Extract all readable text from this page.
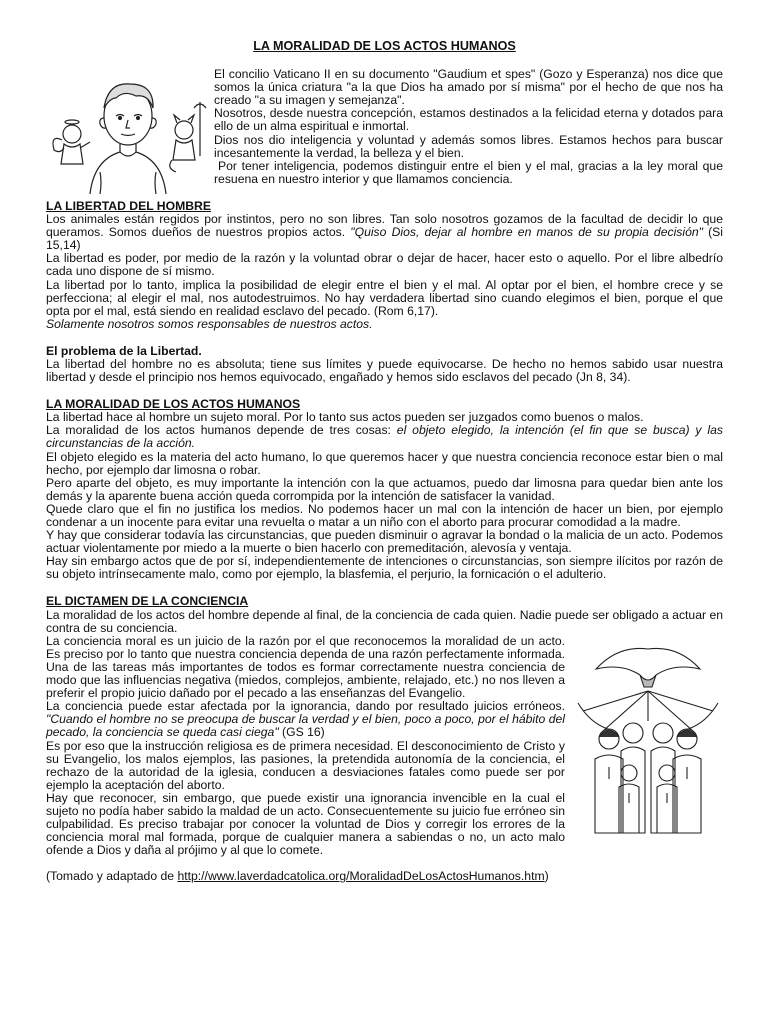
LA MORALIDAD DE LOS ACTOS HUMANOS

El concilio Vaticano II en su documento "Gaudium et spes" (Gozo y Esperanza) nos dice que somos la única criatura "a la que Dios ha amado por sí misma" por el hecho de que nos ha creado "a su imagen y semejanza".

Nosotros, desde nuestra concepción, estamos destinados a la felicidad eterna y dotados para ello de un alma espiritual e inmortal.

Dios nos dio inteligencia y voluntad y además somos libres. Estamos hechos para buscar incesantemente la verdad, la belleza y el bien.

Por tener inteligencia, podemos distinguir entre el bien y el mal, gracias a la ley moral que resuena en nuestro interior y que llamamos conciencia.

LA LIBERTAD DEL HOMBRE

Los animales están regidos por instintos, pero no son libres. Tan solo nosotros gozamos de la facultad de decidir lo que queramos. Somos dueños de nuestros propios actos. "Quiso Dios, dejar al hombre en manos de su propia decisión" (Si 15,14)

La libertad es poder, por medio de la razón y la voluntad obrar o dejar de hacer, hacer esto o aquello. Por el libre albedrío cada uno dispone de sí mismo.

La libertad por lo tanto, implica la posibilidad de elegir entre el bien y el mal. Al optar por el bien, el hombre crece y se perfecciona; al elegir el mal, nos autodestruimos. No hay verdadera libertad sino cuando elegimos el bien, porque el que opta por el mal, está siendo en realidad esclavo del pecado. (Rom 6,17).

Solamente nosotros somos responsables de nuestros actos.

El problema de la Libertad.

La libertad del hombre no es absoluta; tiene sus límites y puede equivocarse. De hecho no hemos sabido usar nuestra libertad y desde el principio nos hemos equivocado, engañado y hemos sido esclavos del pecado (Jn 8, 34).

LA MORALIDAD DE LOS ACTOS HUMANOS

La libertad hace al hombre un sujeto moral. Por lo tanto sus actos pueden ser juzgados como buenos o malos.

La moralidad de los actos humanos depende de tres cosas: el objeto elegido, la intención (el fin que se busca) y las circunstancias de la acción.

El objeto elegido es la materia del acto humano, lo que queremos hacer y que nuestra conciencia reconoce estar bien o mal hecho, por ejemplo dar limosna o robar.

Pero aparte del objeto, es muy importante la intención con la que actuamos, puedo dar limosna para quedar bien ante los demás y la aparente buena acción queda corrompida por la intención de satisfacer la vanidad.

Quede claro que el fin no justifica los medios. No podemos hacer un mal con la intención de hacer un bien, por ejemplo condenar a un inocente para evitar una revuelta o matar a un niño con el aborto para procurar comodidad a la madre.

Y hay que considerar todavía las circunstancias, que pueden disminuir o agravar la bondad o la malicia de un acto. Podemos actuar violentamente por miedo a la muerte o bien hacerlo con premeditación, alevosía y ventaja.

Hay sin embargo actos que de por sí, independientemente de intenciones o circunstancias, son siempre ilícitos por razón de su objeto intrínsecamente malo, como por ejemplo, la blasfemia, el perjurio, la fornicación o el adulterio.

EL DICTAMEN DE LA CONCIENCIA

La moralidad de los actos del hombre depende al final, de la conciencia de cada quien. Nadie puede ser obligado a actuar en contra de su conciencia.

La conciencia moral es un juicio de la razón por el que reconocemos la moralidad de un acto. Es preciso por lo tanto que nuestra conciencia dependa de una razón perfectamente informada. Una de las tareas más importantes de todos es formar correctamente nuestra conciencia de modo que las influencias negativa (miedos, complejos, ambiente, relajado, etc.) no nos lleven a preferir el propio juicio dañado por el pecado a las enseñanzas del Evangelio.

La conciencia puede estar afectada por la ignorancia, dando por resultado juicios erróneos. "Cuando el hombre no se preocupa de buscar la verdad y el bien, poco a poco, por el hábito del pecado, la conciencia se queda casi ciega" (GS 16)

Es por eso que la instrucción religiosa es de primera necesidad. El desconocimiento de Cristo y su Evangelio, los malos ejemplos, las pasiones, la pretendida autonomía de la conciencia, el rechazo de la autoridad de la iglesia, conducen a desviaciones fatales como puede ser por ejemplo la aceptación del aborto.

Hay que reconocer, sin embargo, que puede existir una ignorancia invencible en la cual el sujeto no podía haber sabido la maldad de un acto. Consecuentemente su juicio fue erróneo sin culpabilidad. Es preciso trabajar por conocer la voluntad de Dios y corregir los errores de la conciencia moral mal formada, porque de cualquier manera a sabiendas o no, un acto malo ofende a Dios y daña al prójimo y al que lo comete.

(Tomado y adaptado de http://www.laverdadcatolica.org/MoralidadDeLosActosHumanos.htm)
